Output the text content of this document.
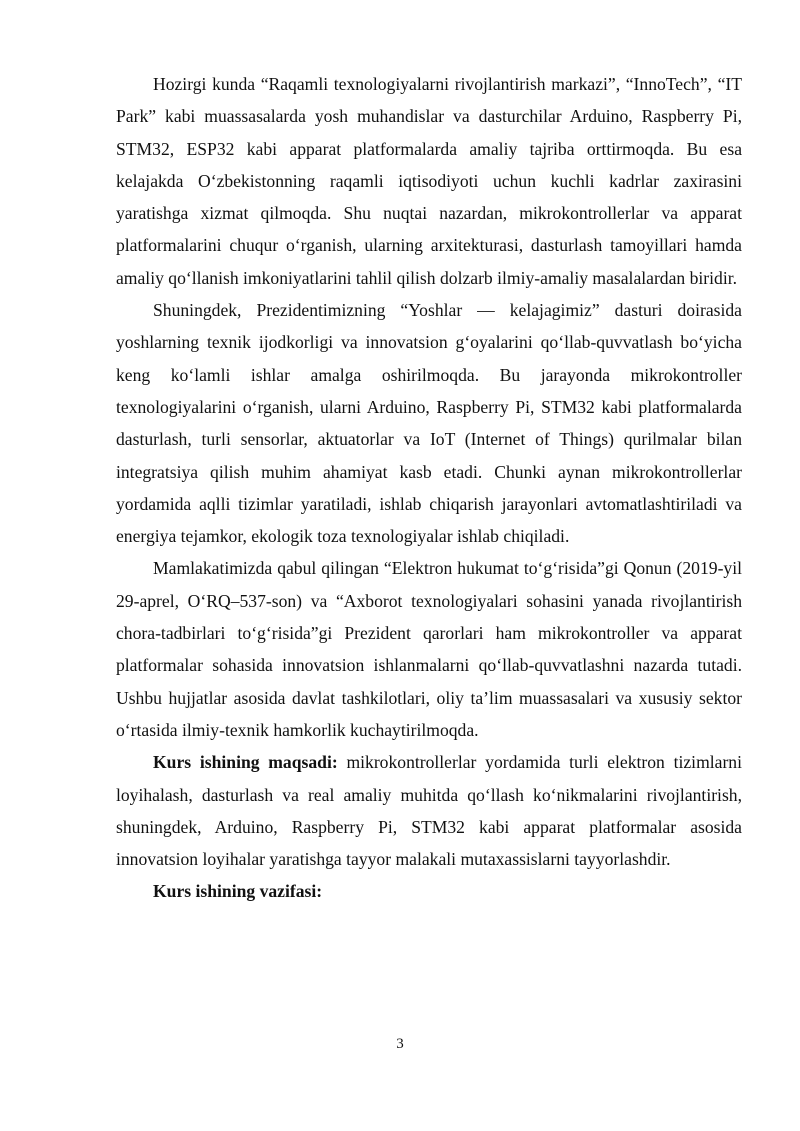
Hozirgi kunda “Raqamli texnologiyalarni rivojlantirish markazi”, “InnoTech”, “IT Park” kabi muassasalarda yosh muhandislar va dasturchilar Arduino, Raspberry Pi, STM32, ESP32 kabi apparat platformalarda amaliy tajriba orttirmoqda. Bu esa kelajakda O‘zbekistonning raqamli iqtisodiyoti uchun kuchli kadrlar zaxirasini yaratishga xizmat qilmoqda. Shu nuqtai nazardan, mikrokontrollerlar va apparat platformalarini chuqur o‘rganish, ularning arxitekturasi, dasturlash tamoyillari hamda amaliy qo‘llanish imkoniyatlarini tahlil qilish dolzarb ilmiy-amaliy masalalardan biridir.

Shuningdek, Prezidentimizning “Yoshlar — kelajagimiz” dasturi doirasida yoshlarning texnik ijodkorligi va innovatsion g‘oyalarini qo‘llab-quvvatlash bo‘yicha keng ko‘lamli ishlar amalga oshirilmoqda. Bu jarayonda mikrokontroller texnologiyalarini o‘rganish, ularni Arduino, Raspberry Pi, STM32 kabi platformalarda dasturlash, turli sensorlar, aktuatorlar va IoT (Internet of Things) qurilmalar bilan integratsiya qilish muhim ahamiyat kasb etadi. Chunki aynan mikrokontrollerlar yordamida aqlli tizimlar yaratiladi, ishlab chiqarish jarayonlari avtomatlashtiriladi va energiya tejamkor, ekologik toza texnologiyalar ishlab chiqiladi.

Mamlakatimizda qabul qilingan “Elektron hukumat to‘g‘risida”gi Qonun (2019-yil 29-aprel, O‘RQ–537-son) va “Axborot texnologiyalari sohasini yanada rivojlantirish chora-tadbirlari to‘g‘risida”gi Prezident qarorlari ham mikrokontroller va apparat platformalar sohasida innovatsion ishlanmalarni qo‘llab-quvvatlashni nazarda tutadi. Ushbu hujjatlar asosida davlat tashkilotlari, oliy ta’lim muassasalari va xususiy sektor o‘rtasida ilmiy-texnik hamkorlik kuchaytirilmoqda.

Kurs ishining maqsadi: mikrokontrollerlar yordamida turli elektron tizimlarni loyihalash, dasturlash va real amaliy muhitda qo‘llash ko‘nikmalarini rivojlantirish, shuningdek, Arduino, Raspberry Pi, STM32 kabi apparat platformalar asosida innovatsion loyihalar yaratishga tayyor malakali mutaxassislarni tayyorlashdir.

Kurs ishining vazifasi:

3
